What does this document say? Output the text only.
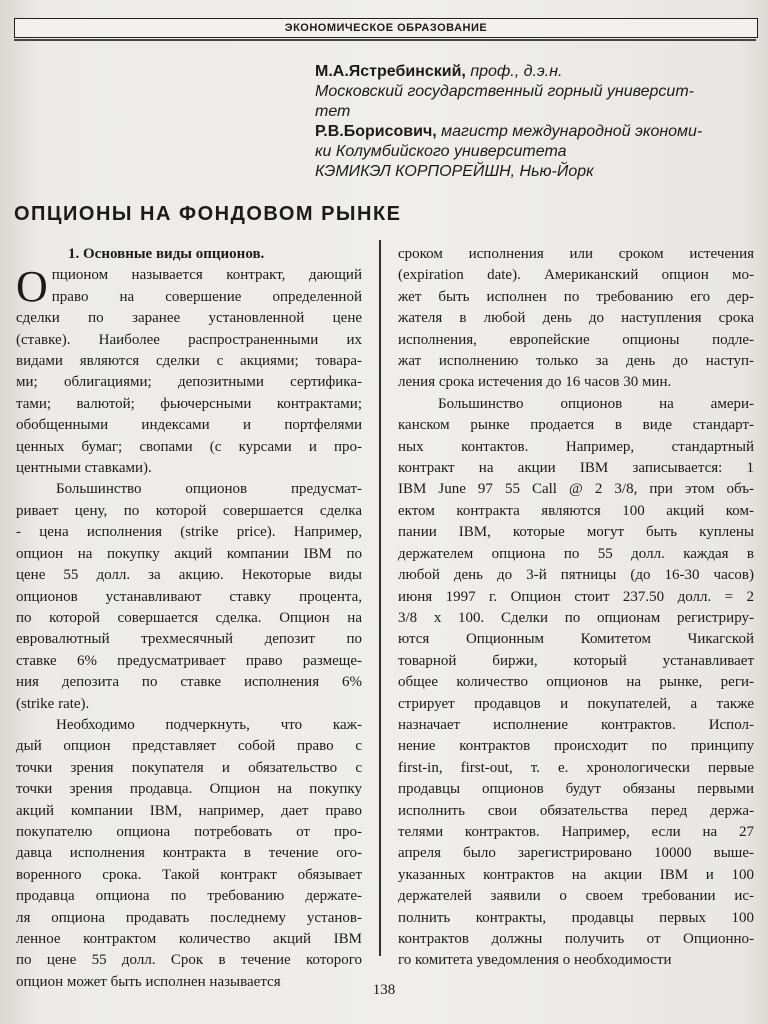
ЭКОНОМИЧЕСКОЕ ОБРАЗОВАНИЕ
М.А.Ястребинский, проф., д.э.н.
Московский государственный горный университ-
тет
Р.В.Борисович, магистр международной экономи-
ки Колумбийского университета
КЭМИКЭЛ КОРПОРЕЙШН, Нью-Йорк
ОПЦИОНЫ НА ФОНДОВОМ РЫНКЕ
1. Основные виды опционов.
О пционом называется контракт, дающий
право на совершение определенной
сделки по заранее установленной цене
(ставке). Наиболее распространенными их
видами являются сделки с акциями; товара-
ми; облигациями; депозитными сертифика-
тами; валютой; фьючерсными контрактами;
обобщенными индексами и портфелями
ценных бумаг; свопами (с курсами и про-
центными ставками).
Большинство опционов предусмат-
ривает цену, по которой совершается сделка
- цена исполнения (strike price). Например,
опцион на покупку акций компании IBM по
цене 55 долл. за акцию. Некоторые виды
опционов устанавливают ставку процента,
по которой совершается сделка. Опцион на
евровалютный трехмесячный депозит по
ставке 6% предусматривает право размеще-
ния депозита по ставке исполнения 6%
(strike rate).
Необходимо подчеркнуть, что каж-
дый опцион представляет собой право с
точки зрения покупателя и обязательство с
точки зрения продавца. Опцион на покупку
акций компании IBM, например, дает право
покупателю опциона потребовать от про-
давца исполнения контракта в течение ого-
воренного срока. Такой контракт обязывает
продавца опциона по требованию держате-
ля опциона продавать последнему установ-
ленное контрактом количество акций IBM
по цене 55 долл. Срок в течение которого
опцион может быть исполнен называется
сроком исполнения или сроком истечения
(expiration date). Американский опцион мо-
жет быть исполнен по требованию его дер-
жателя в любой день до наступления срока
исполнения, европейские опционы подле-
жат исполнению только за день до наступ-
ления срока истечения до 16 часов 30 мин.
Большинство опционов на амери-
канском рынке продается в виде стандарт-
ных контактов. Например, стандартный
контракт на акции IBM записывается: 1
IBM June 97 55 Call @ 2 3/8, при этом объ-
ектом контракта являются 100 акций ком-
пании IBM, которые могут быть куплены
держателем опциона по 55 долл. каждая в
любой день до 3-й пятницы (до 16-30 часов)
июня 1997 г. Опцион стоит 237.50 долл. = 2
3/8 х 100. Сделки по опционам регистриру-
ются Опционным Комитетом Чикагской
товарной биржи, который устанавливает
общее количество опционов на рынке, реги-
стрирует продавцов и покупателей, а также
назначает исполнение контрактов. Испол-
нение контрактов происходит по принципу
first-in, first-out, т. е. хронологически первые
продавцы опционов будут обязаны первыми
исполнить свои обязательства перед держа-
телями контрактов. Например, если на 27
апреля было зарегистрировано 10000 выше-
указанных контрактов на акции IBM и 100
держателей заявили о своем требовании ис-
полнить контракты, продавцы первых 100
контрактов должны получить от Опционно-
го комитета уведомления о необходимости
138
